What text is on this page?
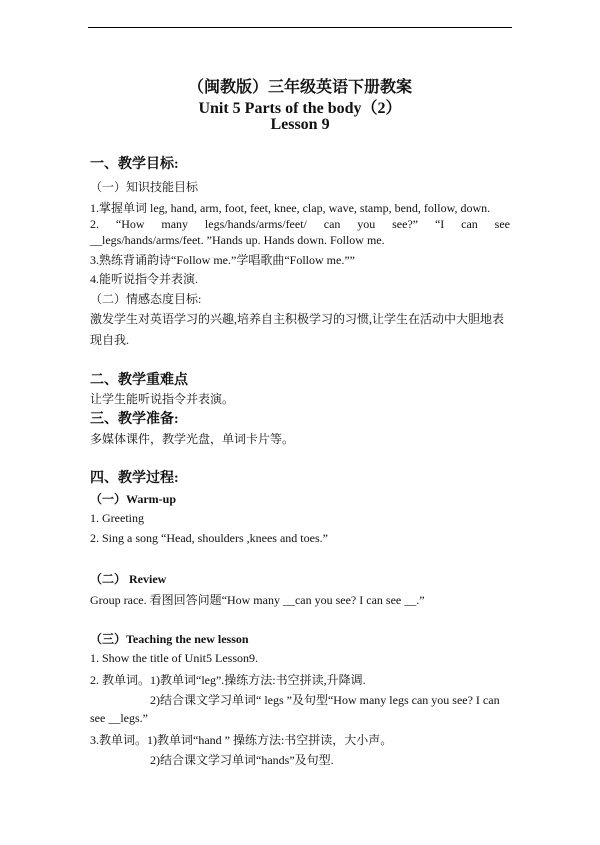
（闽教版）三年级英语下册教案
Unit 5 Parts of the body（2）
Lesson 9
一、教学目标:
（一）知识技能目标
1.掌握单词 leg, hand, arm, foot, feet, knee, clap, wave, stamp, bend, follow, down.
2. “How many legs/hands/arms/feet/ can you see?” “I can see
__legs/hands/arms/feet. ”Hands up. Hands down. Follow me.
3.熟练背诵韵诗“Follow me.”学唱歌曲“Follow me.””
4.能听说指令并表演.
（二）情感态度目标:
激发学生对英语学习的兴趣,培养自主积极学习的习惯,让学生在活动中大胆地表
现自我.
二、教学重难点
让学生能听说指令并表演。
三、教学准备:
多媒体课件，教学光盘，单词卡片等。
四、教学过程:
（一）Warm-up
1. Greeting
2. Sing a song “Head, shoulders ,knees and toes.”
（二） Review
Group race. 看图回答问题“How many __can you see? I can see __.”
（三）Teaching the new lesson
1. Show the title of Unit5 Lesson9.
2. 教单词。1)教单词“leg”.操练方法:书空拼读,升降调.
2)结合课文学习单词“ legs ”及句型“How many legs can you see? I can
see __legs.”
3.教单词。1)教单词“hand ” 操练方法:书空拼读，大小声。
2)结合课文学习单词“hands”及句型.
